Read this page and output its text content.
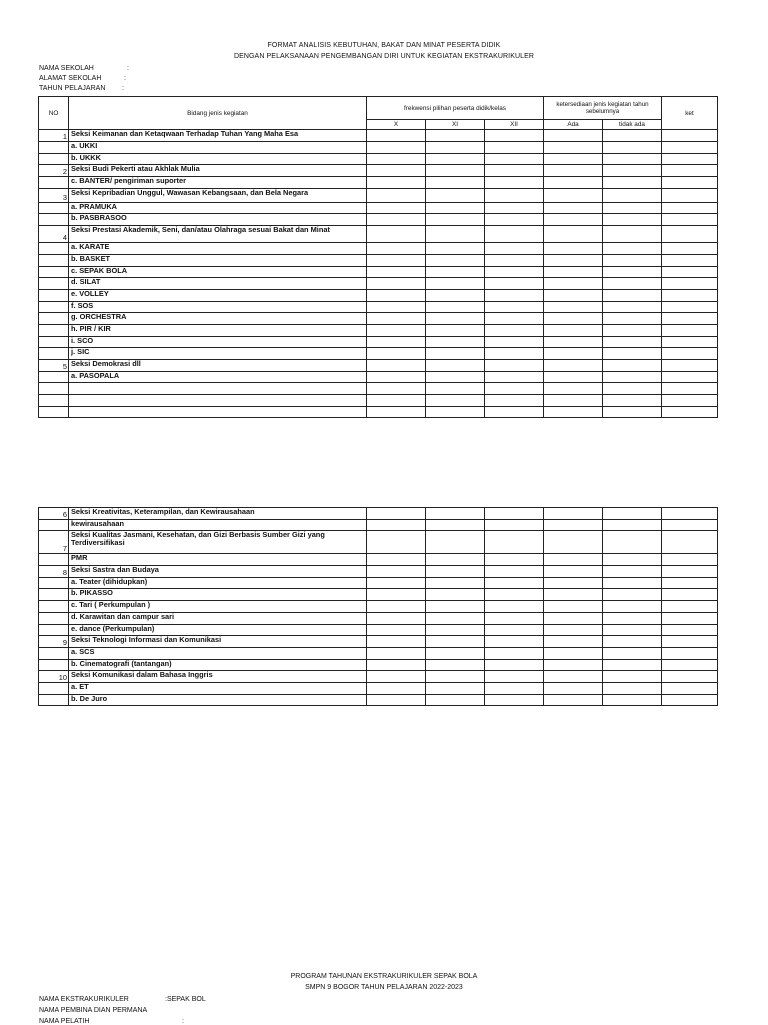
FORMAT ANALISIS KEBUTUHAN, BAKAT DAN MINAT PESERTA DIDIK
DENGAN PELAKSANAAN PENGEMBANGAN DIRI UNTUK KEGIATAN EKSTRAKURIKULER
NAMA SEKOLAH	:
ALAMAT SEKOLAH	:
TAHUN PELAJARAN :
NO	Bidang jenis kegiatan	frekwensi pilihan peserta didik/kelas			ketersediaan jenis kegiatan tahun sebelumnya		ket
		X	XI	XII	Ada	tidak ada	
1	Seksi Keimanan dan Ketaqwaan Terhadap Tuhan Yang Maha Esa						
	a. UKKI						
	b. UKKK						
2	Seksi Budi Pekerti atau Akhlak Mulia						
	c. BANTER/ pengiriman suporter						
3	Seksi Kepribadian Unggul, Wawasan Kebangsaan, dan Bela Negara						
	a. PRAMUKA						
	b. PASBRASOO						
4	Seksi Prestasi Akademik, Seni, dan/atau Olahraga sesuai Bakat dan Minat						
	a. KARATE						
	b. BASKET						
	c. SEPAK BOLA						
	d. SILAT						
	e. VOLLEY						
	f. SOS						
	g. ORCHESTRA						
	h. PIR / KIR						
	i. SCO						
	j. SIC						
5	Seksi Demokrasi dll						
	a. PASOPALA						

6	Seksi Kreativitas, Keterampilan, dan Kewirausahaan						
	kewirausahaan						
7	Seksi Kualitas Jasmani, Kesehatan, dan Gizi Berbasis Sumber Gizi yang Terdiversifikasi						
	PMR						
8	Seksi Sastra dan Budaya						
	a. Teater (dihidupkan)						
	b. PIKASSO						
	c. Tari ( Perkumpulan )						
	d. Karawitan dan campur sari						
	e. dance (Perkumpulan)						
9	Seksi Teknologi Informasi dan Komunikasi						
	a. SCS						
	b. Cinematografi (tantangan)						
10	Seksi Komunikasi dalam Bahasa Inggris						
	a. ET						
	b. De Juro						
PROGRAM TAHUNAN EKSTRAKURIKULER SEPAK BOLA
SMPN 9 BOGOR TAHUN PELAJARAN 2022-2023
NAMA EKSTRAKURIKULER	:SEPAK BOL
NAMA PEMBINA DIAN PERMANA
NAMA PELATIH	:
